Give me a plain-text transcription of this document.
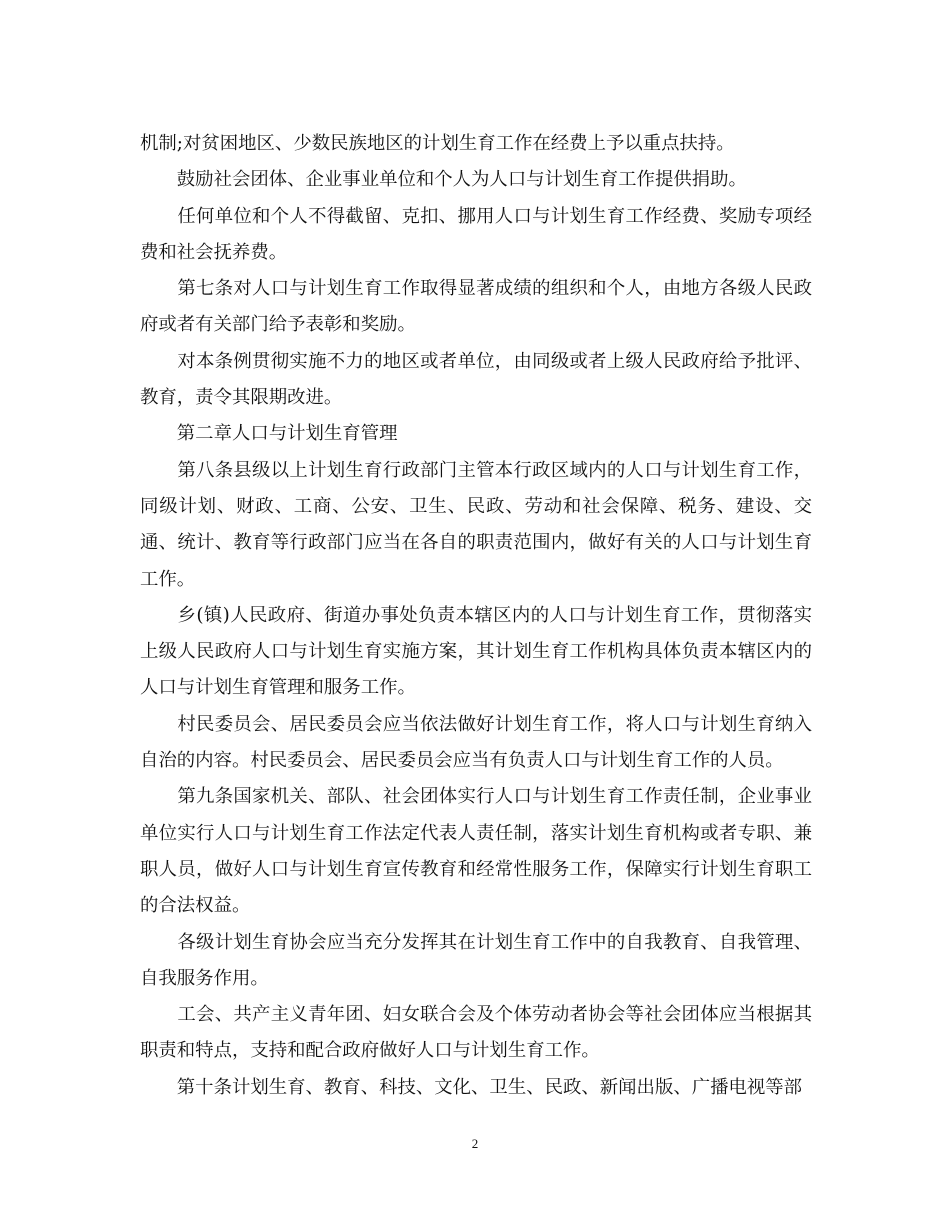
机制;对贫困地区、少数民族地区的计划生育工作在经费上予以重点扶持。

　　鼓励社会团体、企业事业单位和个人为人口与计划生育工作提供捐助。

　　任何单位和个人不得截留、克扣、挪用人口与计划生育工作经费、奖励专项经费和社会抚养费。

　　第七条对人口与计划生育工作取得显著成绩的组织和个人，由地方各级人民政府或者有关部门给予表彰和奖励。

　　对本条例贯彻实施不力的地区或者单位，由同级或者上级人民政府给予批评、教育，责令其限期改进。

　　第二章人口与计划生育管理

　　第八条县级以上计划生育行政部门主管本行政区域内的人口与计划生育工作，同级计划、财政、工商、公安、卫生、民政、劳动和社会保障、税务、建设、交通、统计、教育等行政部门应当在各自的职责范围内，做好有关的人口与计划生育工作。

　　乡(镇)人民政府、街道办事处负责本辖区内的人口与计划生育工作，贯彻落实上级人民政府人口与计划生育实施方案，其计划生育工作机构具体负责本辖区内的人口与计划生育管理和服务工作。

　　村民委员会、居民委员会应当依法做好计划生育工作，将人口与计划生育纳入自治的内容。村民委员会、居民委员会应当有负责人口与计划生育工作的人员。

　　第九条国家机关、部队、社会团体实行人口与计划生育工作责任制，企业事业单位实行人口与计划生育工作法定代表人责任制，落实计划生育机构或者专职、兼职人员，做好人口与计划生育宣传教育和经常性服务工作，保障实行计划生育职工的合法权益。

　　各级计划生育协会应当充分发挥其在计划生育工作中的自我教育、自我管理、自我服务作用。

　　工会、共产主义青年团、妇女联合会及个体劳动者协会等社会团体应当根据其职责和特点，支持和配合政府做好人口与计划生育工作。

　　第十条计划生育、教育、科技、文化、卫生、民政、新闻出版、广播电视等部

2
